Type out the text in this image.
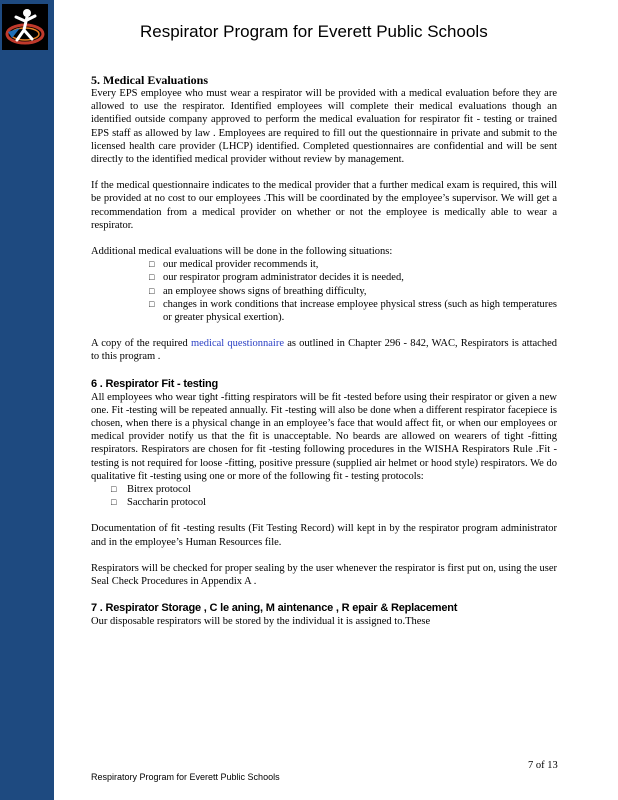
Respirator Program for Everett Public Schools
5. Medical Evaluations

Every EPS employee who must wear a respirator will be provided with a medical evaluation before they are allowed to use the respirator. Identified employees will complete their medical evaluations though an identified outside company approved to perform the medical evaluation for respirator fit - testing or trained EPS staff as allowed by law . Employees are required to fill out the questionnaire in private and submit to the licensed health care provider (LHCP) identified. Completed questionnaires are confidential and will be sent directly to the identified medical provider without review by management.

If the medical questionnaire indicates to the medical provider that a further medical exam is required, this will be provided at no cost to our employees .This will be coordinated by the employee’s supervisor. We will get a recommendation from a medical provider on whether or not the employee is medically able to wear a respirator.

Additional medical evaluations will be done in the following situations:

□ our medical provider recommends it,
□ our respirator program administrator decides it is needed,
□ an employee shows signs of breathing difficulty,
□ changes in work conditions that increase employee physical stress (such as high temperatures or greater physical exertion).

A copy of the required medical questionnaire as outlined in Chapter 296 - 842, WAC, Respirators is attached to this program .

6 . Respirator Fit - testing

All employees who wear tight -fitting respirators will be fit -tested before using their respirator or given a new one. Fit -testing will be repeated annually. Fit -testing will also be done when a different respirator facepiece is chosen, when there is a physical change in an employee’s face that would affect fit, or when our employees or medical provider notify us that the fit is unacceptable. No beards are allowed on wearers of tight -fitting respirators. Respirators are chosen for fit -testing following procedures in the WISHA Respirators Rule .Fit - testing is not required for loose -fitting, positive pressure (supplied air helmet or hood style) respirators. We do qualitative fit -testing using one or more of the following fit - testing protocols:

□ Bitrex protocol
□ Saccharin protocol

Documentation of fit -testing results (Fit Testing Record) will kept in by the respirator program administrator and in the employee’s Human Resources file.

Respirators will be checked for proper sealing by the user whenever the respirator is first put on, using the user Seal Check Procedures in Appendix A .

7 . Respirator Storage , C le aning, M aintenance , R epair & Replacement

Our disposable respirators will be stored by the individual it is assigned to.These

7 of 13
Respiratory Program for Everett Public Schools
